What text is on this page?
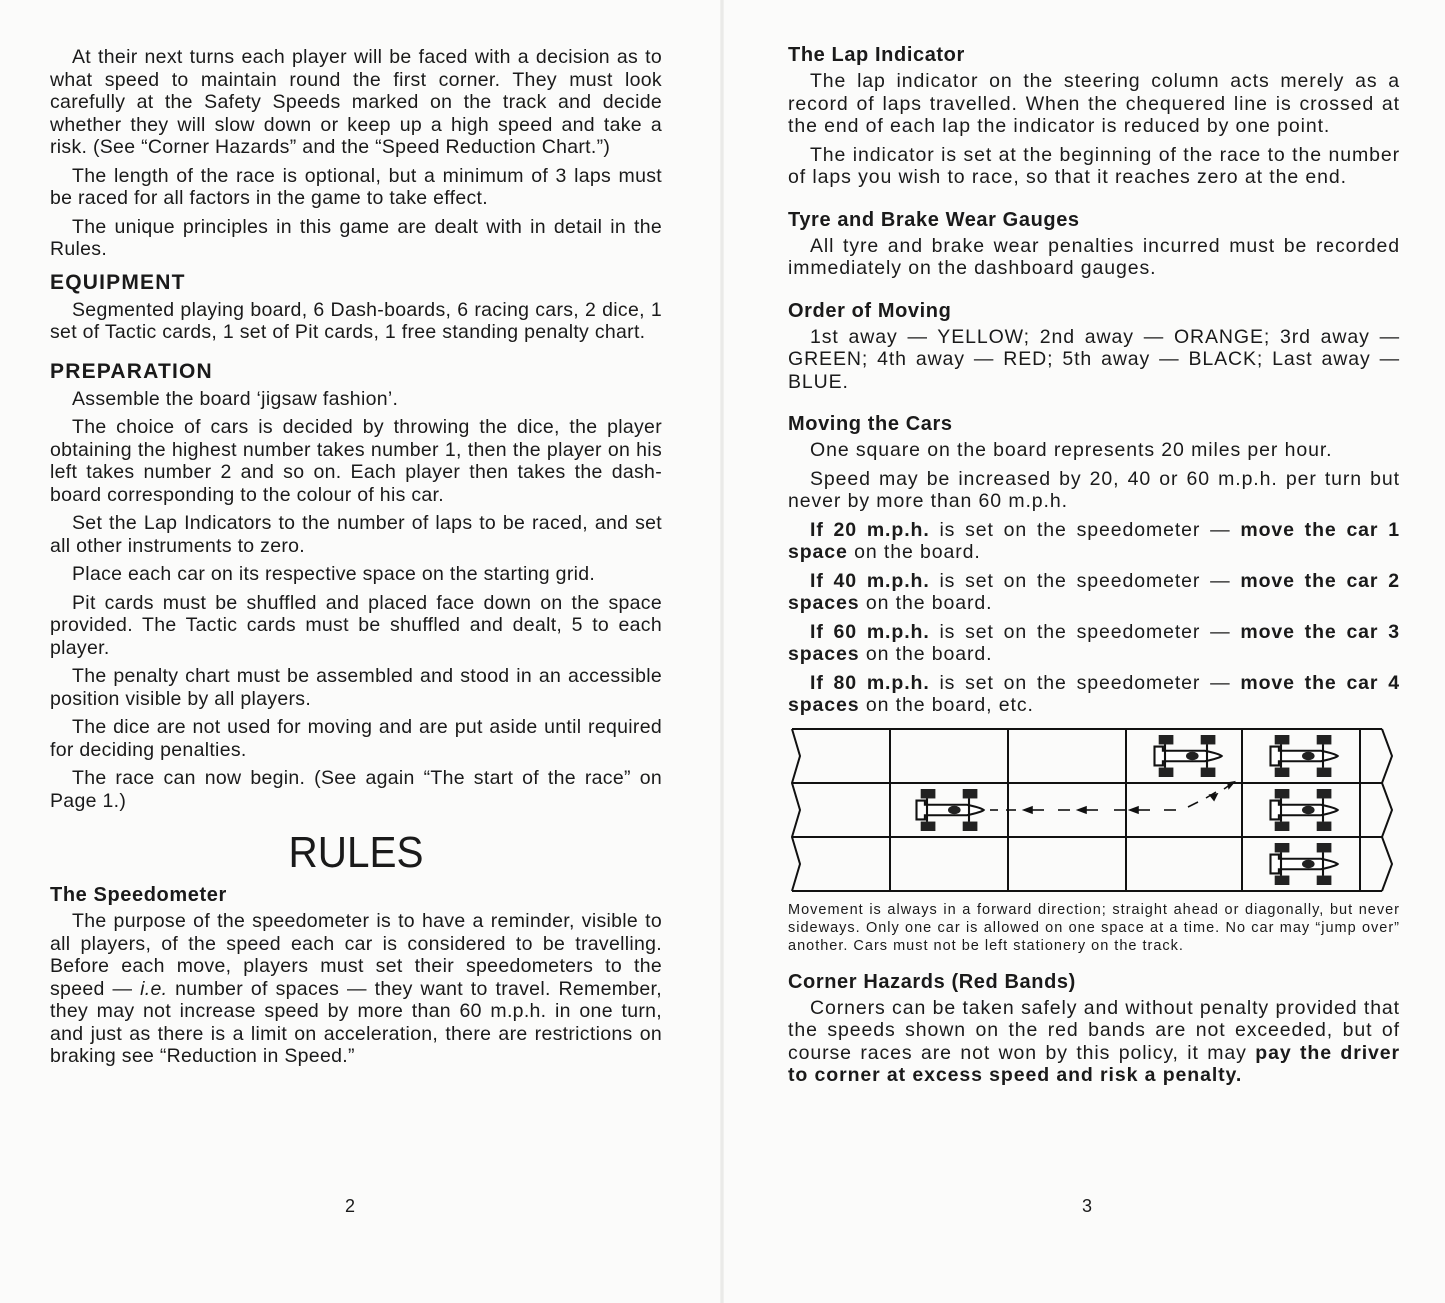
At their next turns each player will be faced with a decision as to what speed to maintain round the first corner. They must look carefully at the Safety Speeds marked on the track and decide whether they will slow down or keep up a high speed and take a risk. (See “Corner Hazards” and the “Speed Reduction Chart.”)

The length of the race is optional, but a minimum of 3 laps must be raced for all factors in the game to take effect.

The unique principles in this game are dealt with in detail in the Rules.

EQUIPMENT

Segmented playing board, 6 Dash-boards, 6 racing cars, 2 dice, 1 set of Tactic cards, 1 set of Pit cards, 1 free standing penalty chart.

PREPARATION

Assemble the board ‘jigsaw fashion’.

The choice of cars is decided by throwing the dice, the player obtaining the highest number takes number 1, then the player on his left takes number 2 and so on. Each player then takes the dash-board corresponding to the colour of his car.

Set the Lap Indicators to the number of laps to be raced, and set all other instruments to zero.

Place each car on its respective space on the starting grid.

Pit cards must be shuffled and placed face down on the space provided. The Tactic cards must be shuffled and dealt, 5 to each player.

The penalty chart must be assembled and stood in an accessible position visible by all players.

The dice are not used for moving and are put aside until required for deciding penalties.

The race can now begin. (See again “The start of the race” on Page 1.)

RULES
The Speedometer

The purpose of the speedometer is to have a reminder, visible to all players, of the speed each car is considered to be travelling. Before each move, players must set their speedometers to the speed — i.e. number of spaces — they want to travel. Remember, they may not increase speed by more than 60 m.p.h. in one turn, and just as there is a limit on acceleration, there are restrictions on braking see “Reduction in Speed.”

2
The Lap Indicator

The lap indicator on the steering column acts merely as a record of laps travelled. When the chequered line is crossed at the end of each lap the indicator is reduced by one point.

The indicator is set at the beginning of the race to the number of laps you wish to race, so that it reaches zero at the end.

Tyre and Brake Wear Gauges

All tyre and brake wear penalties incurred must be recorded immediately on the dashboard gauges.

Order of Moving

1st away — YELLOW; 2nd away — ORANGE; 3rd away — GREEN; 4th away — RED; 5th away — BLACK; Last away — BLUE.

Moving the Cars

One square on the board represents 20 miles per hour.

Speed may be increased by 20, 40 or 60 m.p.h. per turn but never by more than 60 m.p.h.

If 20 m.p.h. is set on the speedometer — move the car 1 space on the board.

If 40 m.p.h. is set on the speedometer — move the car 2 spaces on the board.

If 60 m.p.h. is set on the speedometer — move the car 3 spaces on the board.

If 80 m.p.h. is set on the speedometer — move the car 4 spaces on the board, etc.

Movement is always in a forward direction; straight ahead or diagonally, but never sideways. Only one car is allowed on one space at a time. No car may “jump over” another. Cars must not be left stationery on the track.
Corner Hazards (Red Bands)

Corners can be taken safely and without penalty provided that the speeds shown on the red bands are not exceeded, but of course races are not won by this policy, it may pay the driver to corner at excess speed and risk a penalty.

3
